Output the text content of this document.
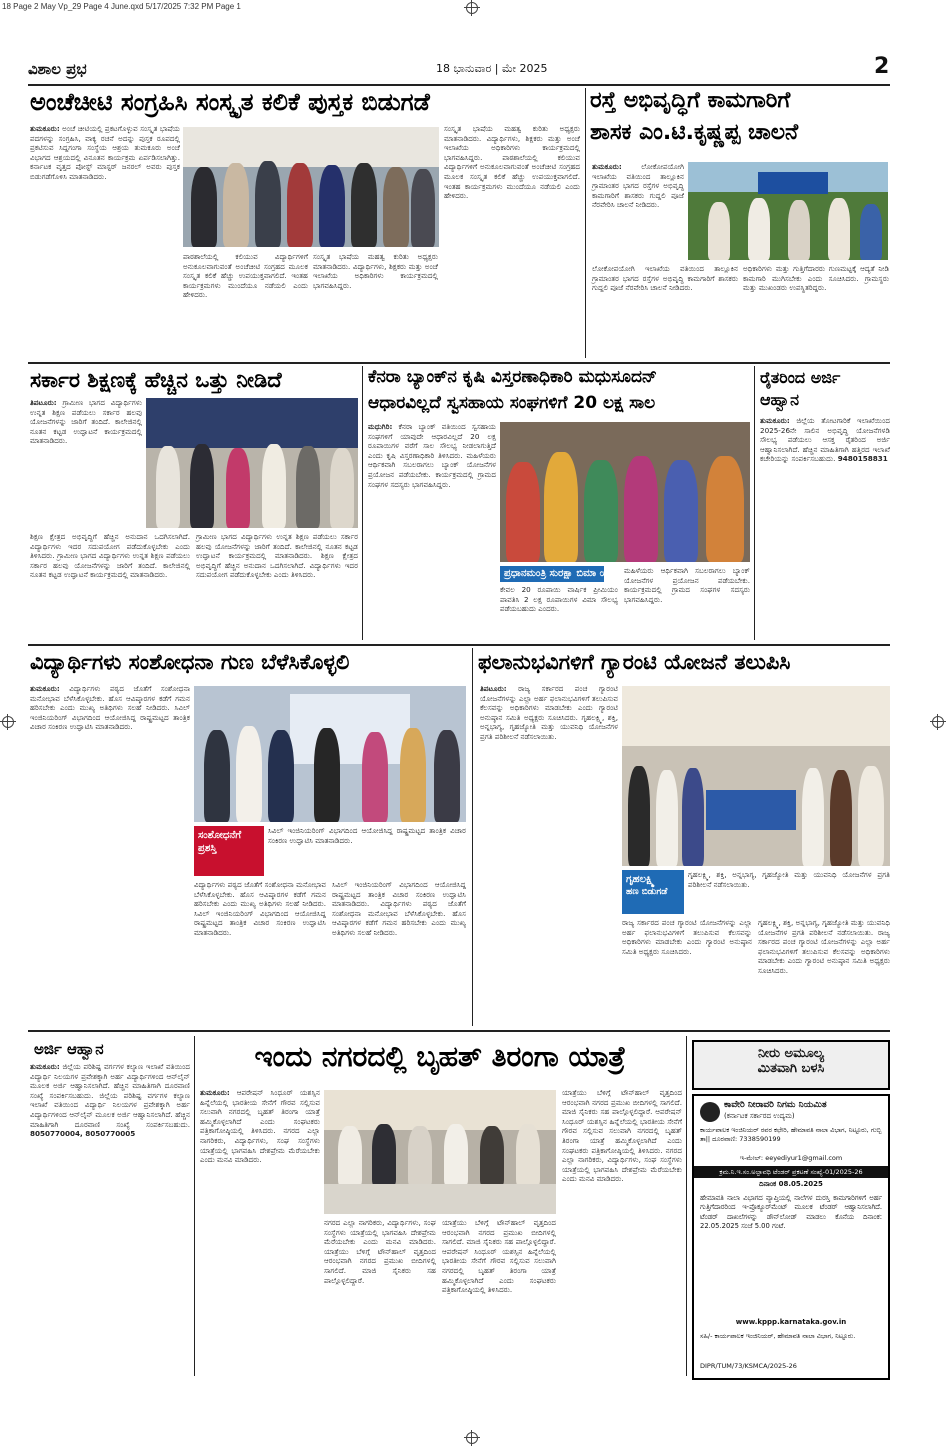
18 Page 2 May Vp_29 Page 4 June.qxd 5/17/2025 7:32 PM Page 1
ವಿಶಾಲ ಪ್ರಭ	18 ಭಾನುವಾರ | ಮೇ 2025	2
ಅಂಚೆಚೀಟಿ ಸಂಗ್ರಹಿಸಿ ಸಂಸ್ಕೃತ ಕಲಿಕೆ ಪುಸ್ತಕ ಬಿಡುಗಡೆ
ತುಮಕೂರು: ಅಂಚೆ ಚೀಟಿಯಲ್ಲಿ ಪ್ರಕಟಗೊಳ್ಳುವ ಸಂಸ್ಕೃತ ಭಾಷೆಯ ಪದಗಳನ್ನು ಸಂಗ್ರಹಿಸಿ, ವಾಕ್ಯ ರಚನೆ ಅದನ್ನು ಪುಸ್ತಕ ರೂಪದಲ್ಲಿ ಪ್ರಕಟಿಸುವ ಸಿದ್ದಗಂಗಾ ಸಂಸ್ಥೆಯ ಆಶ್ರಯ ತುಮಕೂರು ಅಂಚೆ ವಿಭಾಗದ ಆಶ್ರಯದಲ್ಲಿ ವಿನೂತನ ಕಾರ್ಯಕ್ರಮ ಏರ್ಪಡಿಸಲಾಗಿತ್ತು. ಕರ್ನಾಟಕ ವೃತ್ತದ ಪೋಸ್ಟ್ ಮಾಸ್ಟರ್ ಜನರಲ್ ಅವರು ಪುಸ್ತಕ ಬಿಡುಗಡೆಗೊಳಿಸಿ ಮಾತನಾಡಿದರು.
ಪಾಠಶಾಲೆಯಲ್ಲಿ ಕಲಿಯುವ ವಿದ್ಯಾರ್ಥಿಗಳಿಗೆ ಅನುಕೂಲವಾಗುವಂತೆ ಅಂಚೆಚೀಟಿ ಸಂಗ್ರಹದ ಮೂಲಕ ಸಂಸ್ಕೃತ ಕಲಿಕೆ ಹೆಚ್ಚು ಉಪಯುಕ್ತವಾಗಲಿದೆ. ಇಂತಹ ಕಾರ್ಯಕ್ರಮಗಳು ಮುಂದೆಯೂ ನಡೆಯಲಿ ಎಂದು ಹೇಳಿದರು.
ಸಂಸ್ಕೃತ ಭಾಷೆಯ ಮಹತ್ವ ಕುರಿತು ಅಧ್ಯಕ್ಷರು ಮಾತನಾಡಿದರು. ವಿದ್ಯಾರ್ಥಿಗಳು, ಶಿಕ್ಷಕರು ಮತ್ತು ಅಂಚೆ ಇಲಾಖೆಯ ಅಧಿಕಾರಿಗಳು ಕಾರ್ಯಕ್ರಮದಲ್ಲಿ ಭಾಗವಹಿಸಿದ್ದರು.
ಸಂಸ್ಕೃತ ಭಾಷೆಯ ಮಹತ್ವ ಕುರಿತು ಅಧ್ಯಕ್ಷರು ಮಾತನಾಡಿದರು. ವಿದ್ಯಾರ್ಥಿಗಳು, ಶಿಕ್ಷಕರು ಮತ್ತು ಅಂಚೆ ಇಲಾಖೆಯ ಅಧಿಕಾರಿಗಳು ಕಾರ್ಯಕ್ರಮದಲ್ಲಿ ಭಾಗವಹಿಸಿದ್ದರು.	ಪಾಠಶಾಲೆಯಲ್ಲಿ ಕಲಿಯುವ ವಿದ್ಯಾರ್ಥಿಗಳಿಗೆ ಅನುಕೂಲವಾಗುವಂತೆ ಅಂಚೆಚೀಟಿ ಸಂಗ್ರಹದ ಮೂಲಕ ಸಂಸ್ಕೃತ ಕಲಿಕೆ ಹೆಚ್ಚು ಉಪಯುಕ್ತವಾಗಲಿದೆ. ಇಂತಹ ಕಾರ್ಯಕ್ರಮಗಳು ಮುಂದೆಯೂ ನಡೆಯಲಿ ಎಂದು ಹೇಳಿದರು.
ರಸ್ತೆ ಅಭಿವೃದ್ಧಿಗೆ ಕಾಮಗಾರಿಗೆ
ಶಾಸಕ ಎಂ.ಟಿ.ಕೃಷ್ಣಪ್ಪ ಚಾಲನೆ
ತುಮಕೂರು:	ಲೋಕೋಪಯೋಗಿ ಇಲಾಖೆಯ ವತಿಯಿಂದ ತಾಲ್ಲೂಕಿನ ಗ್ರಾಮಾಂತರ ಭಾಗದ ರಸ್ತೆಗಳ ಅಭಿವೃದ್ಧಿ ಕಾಮಗಾರಿಗೆ ಶಾಸಕರು ಗುದ್ದಲಿ ಪೂಜೆ ನೆರವೇರಿಸಿ ಚಾಲನೆ ನೀಡಿದರು.
ಲೋಕೋಪಯೋಗಿ ಇಲಾಖೆಯ ವತಿಯಿಂದ ತಾಲ್ಲೂಕಿನ ಗ್ರಾಮಾಂತರ ಭಾಗದ ರಸ್ತೆಗಳ ಅಭಿವೃದ್ಧಿ ಕಾಮಗಾರಿಗೆ ಶಾಸಕರು ಗುದ್ದಲಿ ಪೂಜೆ ನೆರವೇರಿಸಿ ಚಾಲನೆ ನೀಡಿದರು.
ಅಧಿಕಾರಿಗಳು ಮತ್ತು ಗುತ್ತಿಗೆದಾರರು ಗುಣಮಟ್ಟಕ್ಕೆ ಆದ್ಯತೆ ನೀಡಿ ಕಾಮಗಾರಿ ಮುಗಿಸಬೇಕು ಎಂದು ಸೂಚಿಸಿದರು. ಗ್ರಾಮಸ್ಥರು ಮತ್ತು ಮುಖಂಡರು ಉಪಸ್ಥಿತರಿದ್ದರು.
ಸರ್ಕಾರ ಶಿಕ್ಷಣಕ್ಕೆ ಹೆಚ್ಚಿನ ಒತ್ತು ನೀಡಿದೆ
ತಿಪಟೂರು: ಗ್ರಾಮೀಣ ಭಾಗದ ವಿದ್ಯಾರ್ಥಿಗಳು ಉನ್ನತ ಶಿಕ್ಷಣ ಪಡೆಯಲು ಸರ್ಕಾರ ಹಲವು ಯೋಜನೆಗಳನ್ನು ಜಾರಿಗೆ ತಂದಿದೆ. ಕಾಲೇಜಿನಲ್ಲಿ ನೂತನ ಕಟ್ಟಡ ಉದ್ಘಾಟನೆ ಕಾರ್ಯಕ್ರಮದಲ್ಲಿ ಮಾತನಾಡಿದರು.
ಶಿಕ್ಷಣ ಕ್ಷೇತ್ರದ ಅಭಿವೃದ್ಧಿಗೆ ಹೆಚ್ಚಿನ ಅನುದಾನ ಒದಗಿಸಲಾಗಿದೆ. ವಿದ್ಯಾರ್ಥಿಗಳು ಇದರ ಸದುಪಯೋಗ ಪಡೆದುಕೊಳ್ಳಬೇಕು ಎಂದು ತಿಳಿಸಿದರು. ಗ್ರಾಮೀಣ ಭಾಗದ ವಿದ್ಯಾರ್ಥಿಗಳು ಉನ್ನತ ಶಿಕ್ಷಣ ಪಡೆಯಲು ಸರ್ಕಾರ ಹಲವು ಯೋಜನೆಗಳನ್ನು ಜಾರಿಗೆ ತಂದಿದೆ. ಕಾಲೇಜಿನಲ್ಲಿ ನೂತನ ಕಟ್ಟಡ ಉದ್ಘಾಟನೆ ಕಾರ್ಯಕ್ರಮದಲ್ಲಿ ಮಾತನಾಡಿದರು.
ಗ್ರಾಮೀಣ ಭಾಗದ ವಿದ್ಯಾರ್ಥಿಗಳು ಉನ್ನತ ಶಿಕ್ಷಣ ಪಡೆಯಲು ಸರ್ಕಾರ ಹಲವು ಯೋಜನೆಗಳನ್ನು ಜಾರಿಗೆ ತಂದಿದೆ. ಕಾಲೇಜಿನಲ್ಲಿ ನೂತನ ಕಟ್ಟಡ ಉದ್ಘಾಟನೆ ಕಾರ್ಯಕ್ರಮದಲ್ಲಿ ಮಾತನಾಡಿದರು. ಶಿಕ್ಷಣ ಕ್ಷೇತ್ರದ ಅಭಿವೃದ್ಧಿಗೆ ಹೆಚ್ಚಿನ ಅನುದಾನ ಒದಗಿಸಲಾಗಿದೆ. ವಿದ್ಯಾರ್ಥಿಗಳು ಇದರ ಸದುಪಯೋಗ ಪಡೆದುಕೊಳ್ಳಬೇಕು ಎಂದು ತಿಳಿಸಿದರು.
ಕೆನರಾ ಬ್ಯಾಂಕ್‌ನ ಕೃಷಿ ವಿಸ್ತರಣಾಧಿಕಾರಿ ಮಧುಸೂದನ್
ಆಧಾರವಿಲ್ಲದೆ ಸ್ವಸಹಾಯ ಸಂಘಗಳಿಗೆ 20 ಲಕ್ಷ ಸಾಲ
ಮಧುಗಿರಿ: ಕೆನರಾ ಬ್ಯಾಂಕ್ ವತಿಯಿಂದ ಸ್ವಸಹಾಯ ಸಂಘಗಳಿಗೆ ಯಾವುದೇ ಆಧಾರವಿಲ್ಲದೆ 20 ಲಕ್ಷ ರೂಪಾಯಿಗಳ ವರೆಗೆ ಸಾಲ ಸೌಲಭ್ಯ ನೀಡಲಾಗುತ್ತಿದೆ ಎಂದು ಕೃಷಿ ವಿಸ್ತರಣಾಧಿಕಾರಿ ತಿಳಿಸಿದರು. ಮಹಿಳೆಯರು ಆರ್ಥಿಕವಾಗಿ ಸಬಲರಾಗಲು ಬ್ಯಾಂಕ್ ಯೋಜನೆಗಳ ಪ್ರಯೋಜನ ಪಡೆಯಬೇಕು. ಕಾರ್ಯಕ್ರಮದಲ್ಲಿ ಗ್ರಾಮದ ಸಂಘಗಳ ಸದಸ್ಯರು ಭಾಗವಹಿಸಿದ್ದರು.
ಪ್ರಧಾನಮಂತ್ರಿ ಸುರಕ್ಷಾ ಬಿಮಾ ಯೋಜನೆ
ಕೇವಲ 20 ರೂಪಾಯಿ ವಾರ್ಷಿಕ ಪ್ರೀಮಿಯಂ ಪಾವತಿಸಿ 2 ಲಕ್ಷ ರೂಪಾಯಿಗಳ ವಿಮಾ ಸೌಲಭ್ಯ ಪಡೆಯಬಹುದು ಎಂದರು.
ಮಹಿಳೆಯರು ಆರ್ಥಿಕವಾಗಿ ಸಬಲರಾಗಲು ಬ್ಯಾಂಕ್ ಯೋಜನೆಗಳ ಪ್ರಯೋಜನ ಪಡೆಯಬೇಕು. ಕಾರ್ಯಕ್ರಮದಲ್ಲಿ ಗ್ರಾಮದ ಸಂಘಗಳ ಸದಸ್ಯರು ಭಾಗವಹಿಸಿದ್ದರು.
ರೈತರಿಂದ ಅರ್ಜಿ
ಆಹ್ವಾನ
ತುಮಕೂರು: ಜಿಲ್ಲೆಯ ತೋಟಗಾರಿಕೆ ಇಲಾಖೆಯಿಂದ 2025-26ನೇ ಸಾಲಿನ ಅಭಿವೃದ್ಧಿ ಯೋಜನೆಗಳಡಿ ಸೌಲಭ್ಯ ಪಡೆಯಲು ಆಸಕ್ತ ರೈತರಿಂದ ಅರ್ಜಿ ಆಹ್ವಾನಿಸಲಾಗಿದೆ. ಹೆಚ್ಚಿನ ಮಾಹಿತಿಗಾಗಿ ಹತ್ತಿರದ ಇಲಾಖೆ ಕಚೇರಿಯನ್ನು ಸಂಪರ್ಕಿಸಬಹುದು. 9480158831
ವಿದ್ಯಾರ್ಥಿಗಳು ಸಂಶೋಧನಾ ಗುಣ ಬೆಳೆಸಿಕೊಳ್ಳಲಿ
ತುಮಕೂರು: ವಿದ್ಯಾರ್ಥಿಗಳು ಪಠ್ಯದ ಜೊತೆಗೆ ಸಂಶೋಧನಾ ಮನೋಭಾವ ಬೆಳೆಸಿಕೊಳ್ಳಬೇಕು. ಹೊಸ ಆವಿಷ್ಕಾರಗಳ ಕಡೆಗೆ ಗಮನ ಹರಿಸಬೇಕು ಎಂದು ಮುಖ್ಯ ಅತಿಥಿಗಳು ಸಲಹೆ ನೀಡಿದರು. ಸಿವಿಲ್ ಇಂಜಿನಿಯರಿಂಗ್ ವಿಭಾಗದಿಂದ ಆಯೋಜಿಸಿದ್ದ ರಾಷ್ಟ್ರಮಟ್ಟದ ತಾಂತ್ರಿಕ ವಿಚಾರ ಸಂಕಿರಣ ಉದ್ಘಾಟಿಸಿ ಮಾತನಾಡಿದರು.
ಸಂಶೋಧನೆಗೆ
ಪ್ರಶಸ್ತಿ
ಸಿವಿಲ್ ಇಂಜಿನಿಯರಿಂಗ್ ವಿಭಾಗದಿಂದ ಆಯೋಜಿಸಿದ್ದ ರಾಷ್ಟ್ರಮಟ್ಟದ ತಾಂತ್ರಿಕ ವಿಚಾರ ಸಂಕಿರಣ ಉದ್ಘಾಟಿಸಿ ಮಾತನಾಡಿದರು.
ವಿದ್ಯಾರ್ಥಿಗಳು ಪಠ್ಯದ ಜೊತೆಗೆ ಸಂಶೋಧನಾ ಮನೋಭಾವ ಬೆಳೆಸಿಕೊಳ್ಳಬೇಕು. ಹೊಸ ಆವಿಷ್ಕಾರಗಳ ಕಡೆಗೆ ಗಮನ ಹರಿಸಬೇಕು ಎಂದು ಮುಖ್ಯ ಅತಿಥಿಗಳು ಸಲಹೆ ನೀಡಿದರು. ಸಿವಿಲ್ ಇಂಜಿನಿಯರಿಂಗ್ ವಿಭಾಗದಿಂದ ಆಯೋಜಿಸಿದ್ದ ರಾಷ್ಟ್ರಮಟ್ಟದ ತಾಂತ್ರಿಕ ವಿಚಾರ ಸಂಕಿರಣ ಉದ್ಘಾಟಿಸಿ ಮಾತನಾಡಿದರು.
ಸಿವಿಲ್ ಇಂಜಿನಿಯರಿಂಗ್ ವಿಭಾಗದಿಂದ ಆಯೋಜಿಸಿದ್ದ ರಾಷ್ಟ್ರಮಟ್ಟದ ತಾಂತ್ರಿಕ ವಿಚಾರ ಸಂಕಿರಣ ಉದ್ಘಾಟಿಸಿ ಮಾತನಾಡಿದರು. ವಿದ್ಯಾರ್ಥಿಗಳು ಪಠ್ಯದ ಜೊತೆಗೆ ಸಂಶೋಧನಾ ಮನೋಭಾವ ಬೆಳೆಸಿಕೊಳ್ಳಬೇಕು. ಹೊಸ ಆವಿಷ್ಕಾರಗಳ ಕಡೆಗೆ ಗಮನ ಹರಿಸಬೇಕು ಎಂದು ಮುಖ್ಯ ಅತಿಥಿಗಳು ಸಲಹೆ ನೀಡಿದರು.
ಫಲಾನುಭವಿಗಳಿಗೆ ಗ್ಯಾರಂಟಿ ಯೋಜನೆ ತಲುಪಿಸಿ
ತಿಪಟೂರು: ರಾಜ್ಯ ಸರ್ಕಾರದ ಪಂಚ ಗ್ಯಾರಂಟಿ ಯೋಜನೆಗಳನ್ನು ಎಲ್ಲಾ ಅರ್ಹ ಫಲಾನುಭವಿಗಳಿಗೆ ತಲುಪಿಸುವ ಕೆಲಸವನ್ನು ಅಧಿಕಾರಿಗಳು ಮಾಡಬೇಕು ಎಂದು ಗ್ಯಾರಂಟಿ ಅನುಷ್ಠಾನ ಸಮಿತಿ ಅಧ್ಯಕ್ಷರು ಸೂಚಿಸಿದರು. ಗೃಹಲಕ್ಷ್ಮಿ, ಶಕ್ತಿ, ಅನ್ನಭಾಗ್ಯ, ಗೃಹಜ್ಯೋತಿ ಮತ್ತು ಯುವನಿಧಿ ಯೋಜನೆಗಳ ಪ್ರಗತಿ ಪರಿಶೀಲನೆ ನಡೆಸಲಾಯಿತು.
ಗೃಹಲಕ್ಷ್ಮಿ
ಹಣ ಬಿಡುಗಡೆ
ಗೃಹಲಕ್ಷ್ಮಿ, ಶಕ್ತಿ, ಅನ್ನಭಾಗ್ಯ, ಗೃಹಜ್ಯೋತಿ ಮತ್ತು ಯುವನಿಧಿ ಯೋಜನೆಗಳ ಪ್ರಗತಿ ಪರಿಶೀಲನೆ ನಡೆಸಲಾಯಿತು.
ರಾಜ್ಯ ಸರ್ಕಾರದ ಪಂಚ ಗ್ಯಾರಂಟಿ ಯೋಜನೆಗಳನ್ನು ಎಲ್ಲಾ ಅರ್ಹ ಫಲಾನುಭವಿಗಳಿಗೆ ತಲುಪಿಸುವ ಕೆಲಸವನ್ನು ಅಧಿಕಾರಿಗಳು ಮಾಡಬೇಕು ಎಂದು ಗ್ಯಾರಂಟಿ ಅನುಷ್ಠಾನ ಸಮಿತಿ ಅಧ್ಯಕ್ಷರು ಸೂಚಿಸಿದರು.
ಗೃಹಲಕ್ಷ್ಮಿ, ಶಕ್ತಿ, ಅನ್ನಭಾಗ್ಯ, ಗೃಹಜ್ಯೋತಿ ಮತ್ತು ಯುವನಿಧಿ ಯೋಜನೆಗಳ ಪ್ರಗತಿ ಪರಿಶೀಲನೆ ನಡೆಸಲಾಯಿತು. ರಾಜ್ಯ ಸರ್ಕಾರದ ಪಂಚ ಗ್ಯಾರಂಟಿ ಯೋಜನೆಗಳನ್ನು ಎಲ್ಲಾ ಅರ್ಹ ಫಲಾನುಭವಿಗಳಿಗೆ ತಲುಪಿಸುವ ಕೆಲಸವನ್ನು ಅಧಿಕಾರಿಗಳು ಮಾಡಬೇಕು ಎಂದು ಗ್ಯಾರಂಟಿ ಅನುಷ್ಠಾನ ಸಮಿತಿ ಅಧ್ಯಕ್ಷರು ಸೂಚಿಸಿದರು.
ಅರ್ಜಿ ಆಹ್ವಾನ
ತುಮಕೂರು: ಜಿಲ್ಲೆಯ ಪರಿಶಿಷ್ಟ ವರ್ಗಗಳ ಕಲ್ಯಾಣ ಇಲಾಖೆ ವತಿಯಿಂದ ವಿದ್ಯಾರ್ಥಿ ನಿಲಯಗಳ ಪ್ರವೇಶಕ್ಕಾಗಿ ಅರ್ಹ ವಿದ್ಯಾರ್ಥಿಗಳಿಂದ ಆನ್‌ಲೈನ್ ಮೂಲಕ ಅರ್ಜಿ ಆಹ್ವಾನಿಸಲಾಗಿದೆ. ಹೆಚ್ಚಿನ ಮಾಹಿತಿಗಾಗಿ ದೂರವಾಣಿ ಸಂಖ್ಯೆ ಸಂಪರ್ಕಿಸಬಹುದು. ಜಿಲ್ಲೆಯ ಪರಿಶಿಷ್ಟ ವರ್ಗಗಳ ಕಲ್ಯಾಣ ಇಲಾಖೆ ವತಿಯಿಂದ ವಿದ್ಯಾರ್ಥಿ ನಿಲಯಗಳ ಪ್ರವೇಶಕ್ಕಾಗಿ ಅರ್ಹ ವಿದ್ಯಾರ್ಥಿಗಳಿಂದ ಆನ್‌ಲೈನ್ ಮೂಲಕ ಅರ್ಜಿ ಆಹ್ವಾನಿಸಲಾಗಿದೆ. ಹೆಚ್ಚಿನ ಮಾಹಿತಿಗಾಗಿ ದೂರವಾಣಿ ಸಂಖ್ಯೆ ಸಂಪರ್ಕಿಸಬಹುದು. 8050770004, 8050770005
ಇಂದು ನಗರದಲ್ಲಿ ಬೃಹತ್ ತಿರಂಗಾ ಯಾತ್ರೆ
ತುಮಕೂರು: ಆಪರೇಷನ್ ಸಿಂಧೂರ್ ಯಶಸ್ಸಿನ ಹಿನ್ನೆಲೆಯಲ್ಲಿ ಭಾರತೀಯ ಸೇನೆಗೆ ಗೌರವ ಸಲ್ಲಿಸುವ ಸಲುವಾಗಿ ನಗರದಲ್ಲಿ ಬೃಹತ್ ತಿರಂಗಾ ಯಾತ್ರೆ ಹಮ್ಮಿಕೊಳ್ಳಲಾಗಿದೆ ಎಂದು ಸಂಘಟಕರು ಪತ್ರಿಕಾಗೋಷ್ಠಿಯಲ್ಲಿ ತಿಳಿಸಿದರು. ನಗರದ ಎಲ್ಲಾ ನಾಗರಿಕರು, ವಿದ್ಯಾರ್ಥಿಗಳು, ಸಂಘ ಸಂಸ್ಥೆಗಳು ಯಾತ್ರೆಯಲ್ಲಿ ಭಾಗವಹಿಸಿ ದೇಶಪ್ರೇಮ ಮೆರೆಯಬೇಕು ಎಂದು ಮನವಿ ಮಾಡಿದರು.
ನಗರದ ಎಲ್ಲಾ ನಾಗರಿಕರು, ವಿದ್ಯಾರ್ಥಿಗಳು, ಸಂಘ ಸಂಸ್ಥೆಗಳು ಯಾತ್ರೆಯಲ್ಲಿ ಭಾಗವಹಿಸಿ ದೇಶಪ್ರೇಮ ಮೆರೆಯಬೇಕು ಎಂದು ಮನವಿ ಮಾಡಿದರು. ಯಾತ್ರೆಯು ಬೆಳಿಗ್ಗೆ ಟೌನ್‌ಹಾಲ್ ವೃತ್ತದಿಂದ ಆರಂಭವಾಗಿ ನಗರದ ಪ್ರಮುಖ ಬೀದಿಗಳಲ್ಲಿ ಸಾಗಲಿದೆ. ಮಾಜಿ ಸೈನಿಕರು ಸಹ ಪಾಲ್ಗೊಳ್ಳಲಿದ್ದಾರೆ.
ಯಾತ್ರೆಯು ಬೆಳಿಗ್ಗೆ ಟೌನ್‌ಹಾಲ್ ವೃತ್ತದಿಂದ ಆರಂಭವಾಗಿ ನಗರದ ಪ್ರಮುಖ ಬೀದಿಗಳಲ್ಲಿ ಸಾಗಲಿದೆ. ಮಾಜಿ ಸೈನಿಕರು ಸಹ ಪಾಲ್ಗೊಳ್ಳಲಿದ್ದಾರೆ. ಆಪರೇಷನ್ ಸಿಂಧೂರ್ ಯಶಸ್ಸಿನ ಹಿನ್ನೆಲೆಯಲ್ಲಿ ಭಾರತೀಯ ಸೇನೆಗೆ ಗೌರವ ಸಲ್ಲಿಸುವ ಸಲುವಾಗಿ ನಗರದಲ್ಲಿ ಬೃಹತ್ ತಿರಂಗಾ ಯಾತ್ರೆ ಹಮ್ಮಿಕೊಳ್ಳಲಾಗಿದೆ ಎಂದು ಸಂಘಟಕರು ಪತ್ರಿಕಾಗೋಷ್ಠಿಯಲ್ಲಿ ತಿಳಿಸಿದರು.
ಯಾತ್ರೆಯು ಬೆಳಿಗ್ಗೆ ಟೌನ್‌ಹಾಲ್ ವೃತ್ತದಿಂದ ಆರಂಭವಾಗಿ ನಗರದ ಪ್ರಮುಖ ಬೀದಿಗಳಲ್ಲಿ ಸಾಗಲಿದೆ. ಮಾಜಿ ಸೈನಿಕರು ಸಹ ಪಾಲ್ಗೊಳ್ಳಲಿದ್ದಾರೆ. ಆಪರೇಷನ್ ಸಿಂಧೂರ್ ಯಶಸ್ಸಿನ ಹಿನ್ನೆಲೆಯಲ್ಲಿ ಭಾರತೀಯ ಸೇನೆಗೆ ಗೌರವ ಸಲ್ಲಿಸುವ ಸಲುವಾಗಿ ನಗರದಲ್ಲಿ ಬೃಹತ್ ತಿರಂಗಾ ಯಾತ್ರೆ ಹಮ್ಮಿಕೊಳ್ಳಲಾಗಿದೆ ಎಂದು ಸಂಘಟಕರು ಪತ್ರಿಕಾಗೋಷ್ಠಿಯಲ್ಲಿ ತಿಳಿಸಿದರು. ನಗರದ ಎಲ್ಲಾ ನಾಗರಿಕರು, ವಿದ್ಯಾರ್ಥಿಗಳು, ಸಂಘ ಸಂಸ್ಥೆಗಳು ಯಾತ್ರೆಯಲ್ಲಿ ಭಾಗವಹಿಸಿ ದೇಶಪ್ರೇಮ ಮೆರೆಯಬೇಕು ಎಂದು ಮನವಿ ಮಾಡಿದರು.
ನೀರು ಅಮೂಲ್ಯ
ಮಿತವಾಗಿ ಬಳಸಿ
ಕಾವೇರಿ ನೀರಾವರಿ ನಿಗಮ ನಿಯಮಿತ
(ಕರ್ನಾಟಕ ಸರ್ಕಾರದ ಉದ್ಯಮ)
ಕಾರ್ಯಪಾಲಕ ಇಂಜಿನಿಯರ್ ರವರ ಕಛೇರಿ, ಹೇಮಾವತಿ ನಾಲಾ ವಿಭಾಗ, ನಿಟ್ಟೂರು, ಗುಬ್ಬಿ ತಾ|| ದೂರವಾಣಿ: 7338590199
ಇ-ಮೇಲ್: eeyediyur1@gmail.com
ಕ್ರಮ.ನಿ.ಇ.ಸಂ.ಅಲ್ಪಾವಧಿ ಟೆಂಡರ್ ಪ್ರಕಟಣೆ ಸಂಖ್ಯೆ-01/2025-26
ದಿನಾಂಕ 08.05.2025
ಹೇಮಾವತಿ ನಾಲಾ ವಿಭಾಗದ ವ್ಯಾಪ್ತಿಯಲ್ಲಿ ನಾಲೆಗಳ ದುರಸ್ತಿ ಕಾಮಗಾರಿಗಳಿಗೆ ಅರ್ಹ ಗುತ್ತಿಗೆದಾರರಿಂದ ಇ-ಪ್ರೊಕ್ಯೂರ್‌ಮೆಂಟ್ ಮೂಲಕ ಟೆಂಡರ್ ಆಹ್ವಾನಿಸಲಾಗಿದೆ. ಟೆಂಡರ್ ದಾಖಲೆಗಳನ್ನು ಡೌನ್‌ಲೋಡ್ ಮಾಡಲು ಕೊನೆಯ ದಿನಾಂಕ: 22.05.2025 ಸಂಜೆ 5.00 ಗಂಟೆ.
www.kppp.karnataka.gov.in
ಸಹಿ/- ಕಾರ್ಯಪಾಲಕ ಇಂಜಿನಿಯರ್, ಹೇಮಾವತಿ ನಾಲಾ ವಿಭಾಗ, ನಿಟ್ಟೂರು.
DIPR/TUM/73/KSMCA/2025-26
